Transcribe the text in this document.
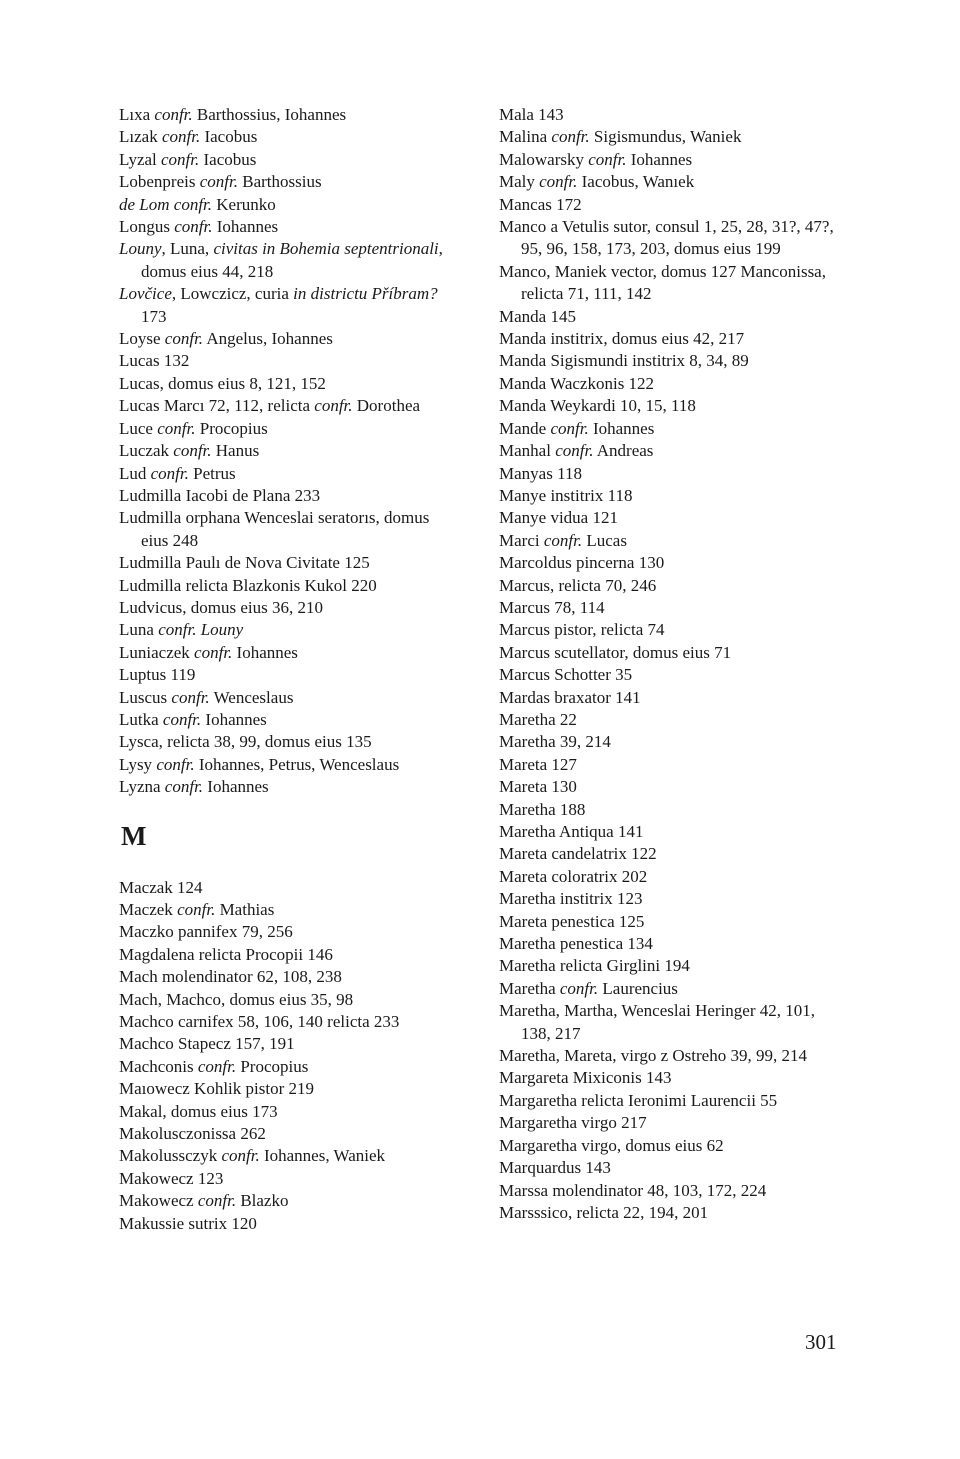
Lıxa confr. Barthossius, Iohannes
Lızak confr. Iacobus
Lyzal confr. Iacobus
Lobenpreis confr. Barthossius
de Lom confr. Kerunko
Longus confr. Iohannes
Louny, Luna, civitas in Bohemia septentrionali, domus eius 44, 218
Lovčice, Lowczicz, curia in districtu Příbram? 173
Loyse confr. Angelus, Iohannes
Lucas 132
Lucas, domus eius 8, 121, 152
Lucas Marcı 72, 112, relicta confr. Dorothea
Luce confr. Procopius
Luczak confr. Hanus
Lud confr. Petrus
Ludmilla Iacobi de Plana 233
Ludmilla orphana Wenceslai seratorıs, domus eius 248
Ludmilla Paulı de Nova Civitate 125
Ludmilla relicta Blazkonis Kukol 220
Ludvicus, domus eius 36, 210
Luna confr. Louny
Luniaczek confr. Iohannes
Luptus 119
Luscus confr. Wenceslaus
Lutka confr. Iohannes
Lysca, relicta 38, 99, domus eius 135
Lysy confr. Iohannes, Petrus, Wenceslaus
Lyzna confr. Iohannes
M
Maczak 124
Maczek confr. Mathias
Maczko pannifex 79, 256
Magdalena relicta Procopii 146
Mach molendinator 62, 108, 238
Mach, Machco, domus eius 35, 98
Machco carnifex 58, 106, 140 relicta 233
Machco Stapecz 157, 191
Machconis confr. Procopius
Maıowecz Kohlik pistor 219
Makal, domus eius 173
Makolusczonissa 262
Makolussczyk confr. Iohannes, Waniek
Makowecz 123
Makowecz confr. Blazko
Makussie sutrix 120
Mala 143
Malina confr. Sigismundus, Waniek
Malowarsky confr. Iohannes
Maly confr. Iacobus, Wanıek
Mancas 172
Manco a Vetulis sutor, consul 1, 25, 28, 31?, 47?, 95, 96, 158, 173, 203, domus eius 199
Manco, Maniek vector, domus 127 Manconissa, relicta 71, 111, 142
Manda 145
Manda institrix, domus eius 42, 217
Manda Sigismundi institrix 8, 34, 89
Manda Waczkonis 122
Manda Weykardi 10, 15, 118
Mande confr. Iohannes
Manhal confr. Andreas
Manyas 118
Manye institrix 118
Manye vidua 121
Marci confr. Lucas
Marcoldus pincerna 130
Marcus, relicta 70, 246
Marcus 78, 114
Marcus pistor, relicta 74
Marcus scutellator, domus eius 71
Marcus Schotter 35
Mardas braxator 141
Maretha 22
Maretha 39, 214
Mareta 127
Mareta 130
Maretha 188
Maretha Antiqua 141
Mareta candelatrix 122
Mareta coloratrix 202
Maretha institrix 123
Mareta penestica 125
Maretha penestica 134
Maretha relicta Girglini 194
Maretha confr. Laurencius
Maretha, Martha, Wenceslai Heringer 42, 101, 138, 217
Maretha, Mareta, virgo z Ostreho 39, 99, 214
Margareta Mixiconis 143
Margaretha relicta Ieronimi Laurencii 55
Margaretha virgo 217
Margaretha virgo, domus eius 62
Marquardus 143
Marssa molendinator 48, 103, 172, 224
Marsssico, relicta 22, 194, 201
301
